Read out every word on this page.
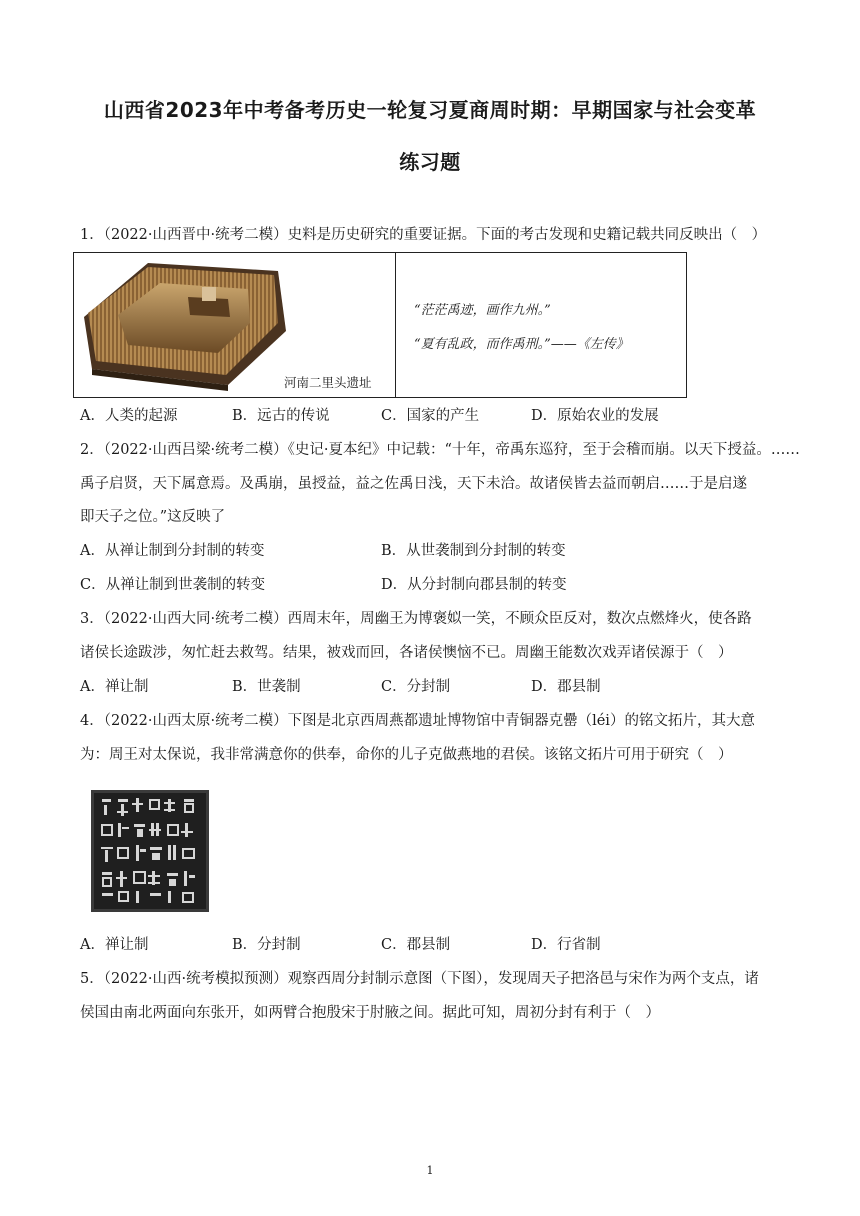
山西省2023年中考备考历史一轮复习夏商周时期：早期国家与社会变革
练习题
1．（2022·山西晋中·统考二模）史料是历史研究的重要证据。下面的考古发现和史籍记载共同反映出（　）
河南二里头遗址
“茫茫禹迹，画作九州。”
“夏有乱政，而作禹刑。”——《左传》
A．人类的起源	B．远古的传说	C．国家的产生	D．原始农业的发展
2．（2022·山西吕梁·统考二模）《史记·夏本纪》中记载：“十年，帝禹东巡狩，至于会稽而崩。以天下授益。……
禹子启贤，天下属意焉。及禹崩，虽授益，益之佐禹日浅，天下未洽。故诸侯皆去益而朝启……于是启遂
即天子之位。”这反映了
A．从禅让制到分封制的转变	B．从世袭制到分封制的转变
C．从禅让制到世袭制的转变	D．从分封制向郡县制的转变
3．（2022·山西大同·统考二模）西周末年，周幽王为博褒姒一笑，不顾众臣反对，数次点燃烽火，使各路
诸侯长途跋涉，匆忙赶去救驾。结果，被戏而回，各诸侯懊恼不已。周幽王能数次戏弄诸侯源于（　）
A．禅让制	B．世袭制	C．分封制	D．郡县制
4．（2022·山西太原·统考二模）下图是北京西周燕都遗址博物馆中青铜器克罍（léi）的铭文拓片，其大意
为：周王对太保说，我非常满意你的供奉，命你的儿子克做燕地的君侯。该铭文拓片可用于研究（　）
A．禅让制	B．分封制	C．郡县制	D．行省制
5．（2022·山西·统考模拟预测）观察西周分封制示意图（下图），发现周天子把洛邑与宋作为两个支点，诸
侯国由南北两面向东张开，如两臂合抱殷宋于肘腋之间。据此可知，周初分封有利于（　）
1
